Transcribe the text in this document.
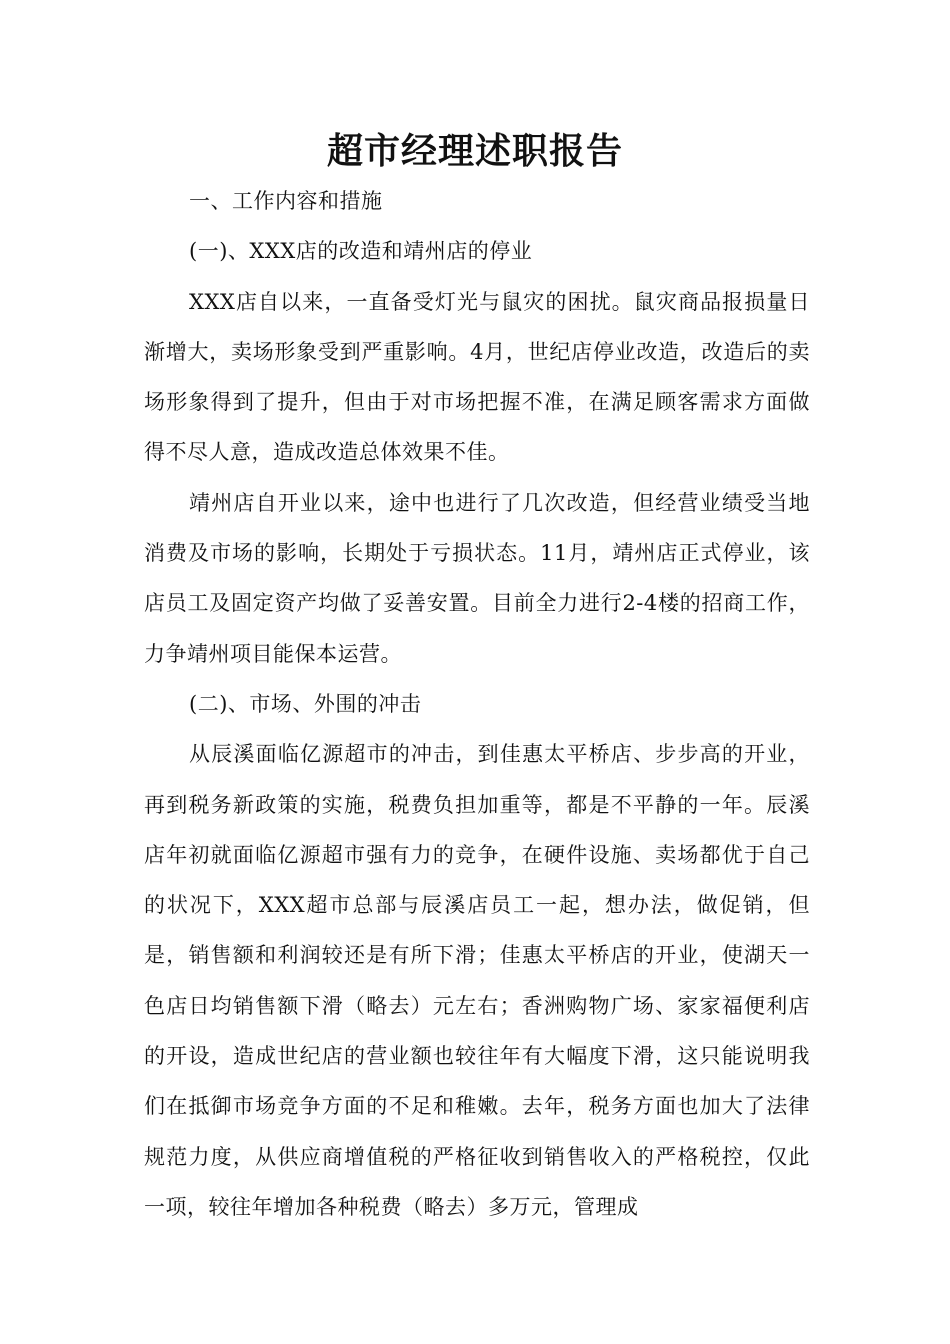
超市经理述职报告

一、工作内容和措施

(一)、XXX店的改造和靖州店的停业

XXX店自以来，一直备受灯光与鼠灾的困扰。鼠灾商品报损量日渐增大，卖场形象受到严重影响。4月，世纪店停业改造，改造后的卖场形象得到了提升，但由于对市场把握不准，在满足顾客需求方面做得不尽人意，造成改造总体效果不佳。

靖州店自开业以来，途中也进行了几次改造，但经营业绩受当地消费及市场的影响，长期处于亏损状态。11月，靖州店正式停业，该店员工及固定资产均做了妥善安置。目前全力进行2-4楼的招商工作，力争靖州项目能保本运营。

(二)、市场、外围的冲击

从辰溪面临亿源超市的冲击，到佳惠太平桥店、步步高的开业，再到税务新政策的实施，税费负担加重等，都是不平静的一年。辰溪店年初就面临亿源超市强有力的竞争，在硬件设施、卖场都优于自己的状况下，XXX超市总部与辰溪店员工一起，想办法，做促销，但是，销售额和利润较还是有所下滑；佳惠太平桥店的开业，使湖天一色店日均销售额下滑（略去）元左右；香洲购物广场、家家福便利店的开设，造成世纪店的营业额也较往年有大幅度下滑，这只能说明我们在抵御市场竞争方面的不足和稚嫩。去年，税务方面也加大了法律规范力度，从供应商增值税的严格征收到销售收入的严格税控，仅此一项，较往年增加各种税费（略去）多万元，管理成
